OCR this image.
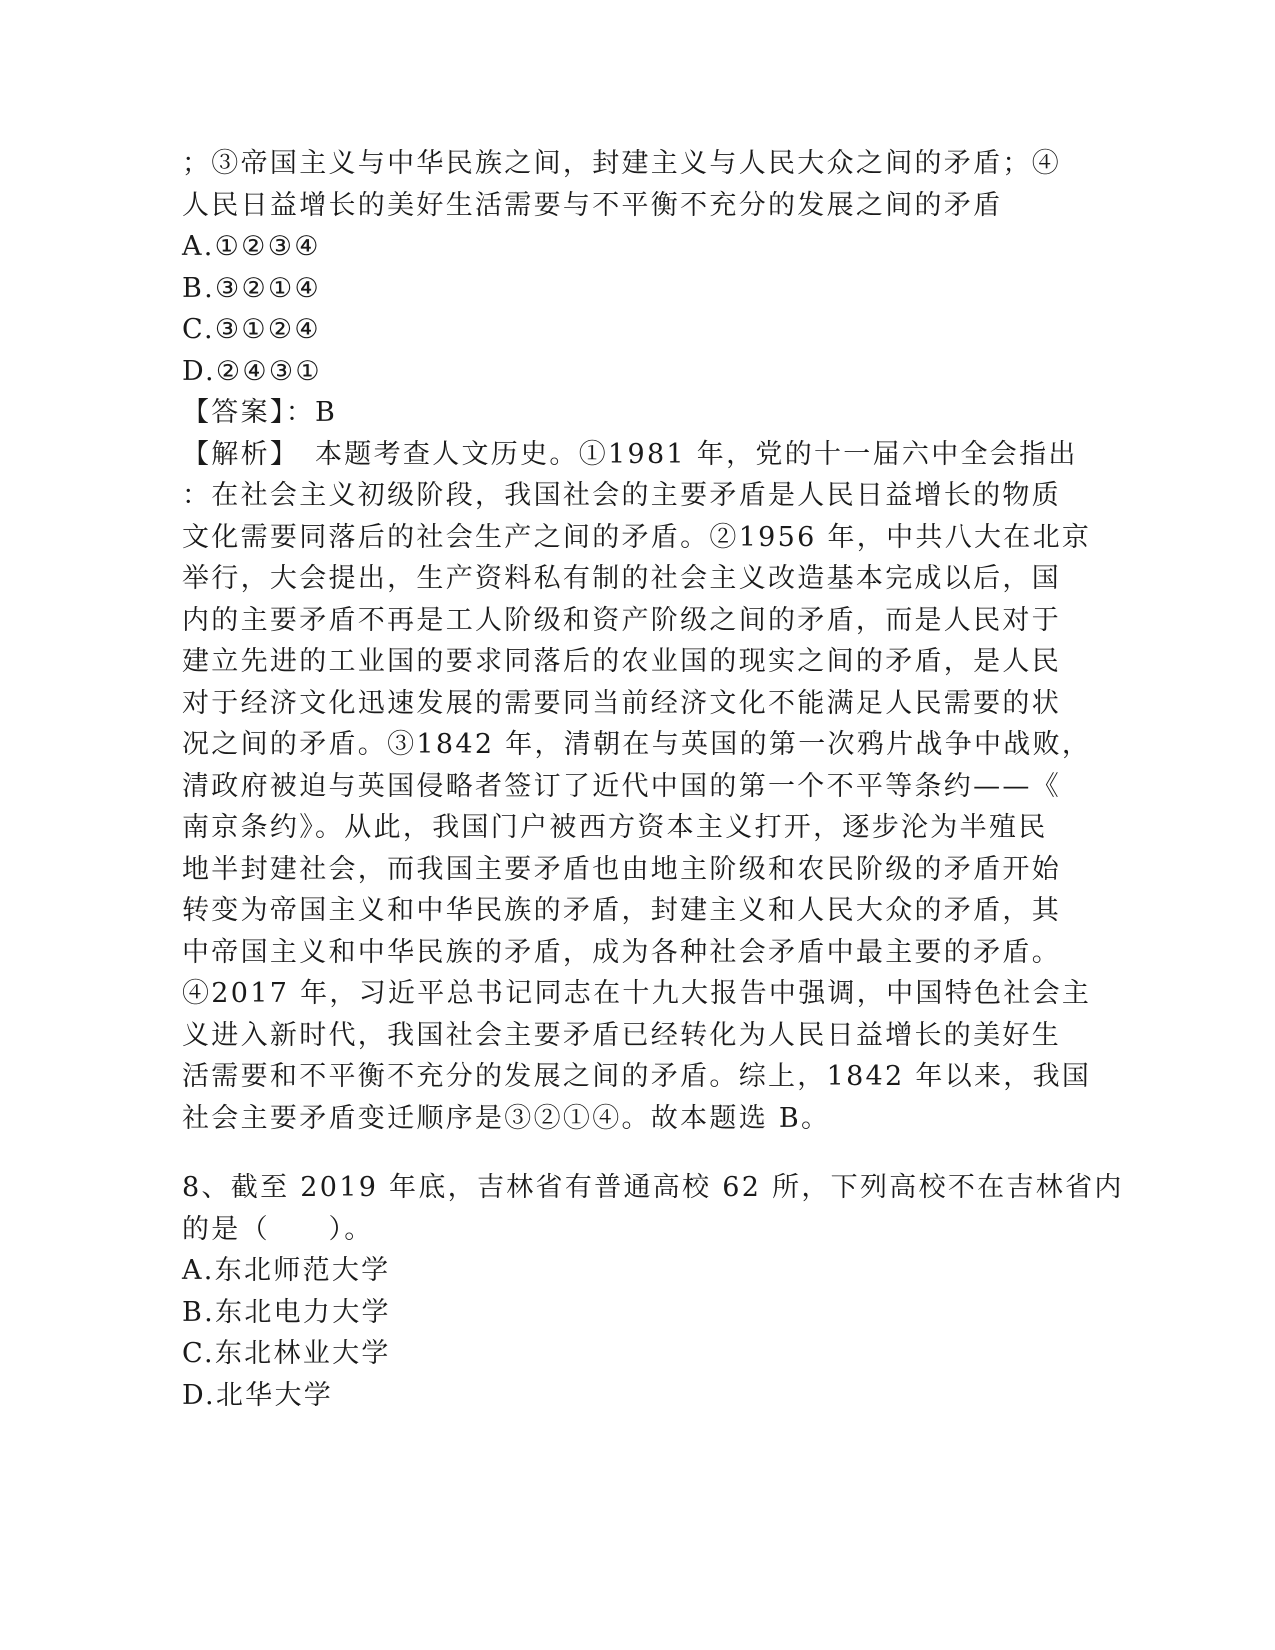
；③帝国主义与中华民族之间，封建主义与人民大众之间的矛盾；④
人民日益增长的美好生活需要与不平衡不充分的发展之间的矛盾
A.①②③④
B.③②①④
C.③①②④
D.②④③①
【答案】：B
【解析】　本题考查人文历史。①1981 年，党的十一届六中全会指出
：在社会主义初级阶段，我国社会的主要矛盾是人民日益增长的物质
文化需要同落后的社会生产之间的矛盾。②1956 年，中共八大在北京
举行，大会提出，生产资料私有制的社会主义改造基本完成以后，国
内的主要矛盾不再是工人阶级和资产阶级之间的矛盾，而是人民对于
建立先进的工业国的要求同落后的农业国的现实之间的矛盾，是人民
对于经济文化迅速发展的需要同当前经济文化不能满足人民需要的状
况之间的矛盾。③1842 年，清朝在与英国的第一次鸦片战争中战败，
清政府被迫与英国侵略者签订了近代中国的第一个不平等条约——《
南京条约》。从此，我国门户被西方资本主义打开，逐步沦为半殖民
地半封建社会，而我国主要矛盾也由地主阶级和农民阶级的矛盾开始
转变为帝国主义和中华民族的矛盾，封建主义和人民大众的矛盾，其
中帝国主义和中华民族的矛盾，成为各种社会矛盾中最主要的矛盾。
④2017 年，习近平总书记同志在十九大报告中强调，中国特色社会主
义进入新时代，我国社会主要矛盾已经转化为人民日益增长的美好生
活需要和不平衡不充分的发展之间的矛盾。综上，1842 年以来，我国
社会主要矛盾变迁顺序是③②①④。故本题选 B。
8、截至 2019 年底，吉林省有普通高校 62 所，下列高校不在吉林省内
的是（　　）。
A.东北师范大学
B.东北电力大学
C.东北林业大学
D.北华大学
